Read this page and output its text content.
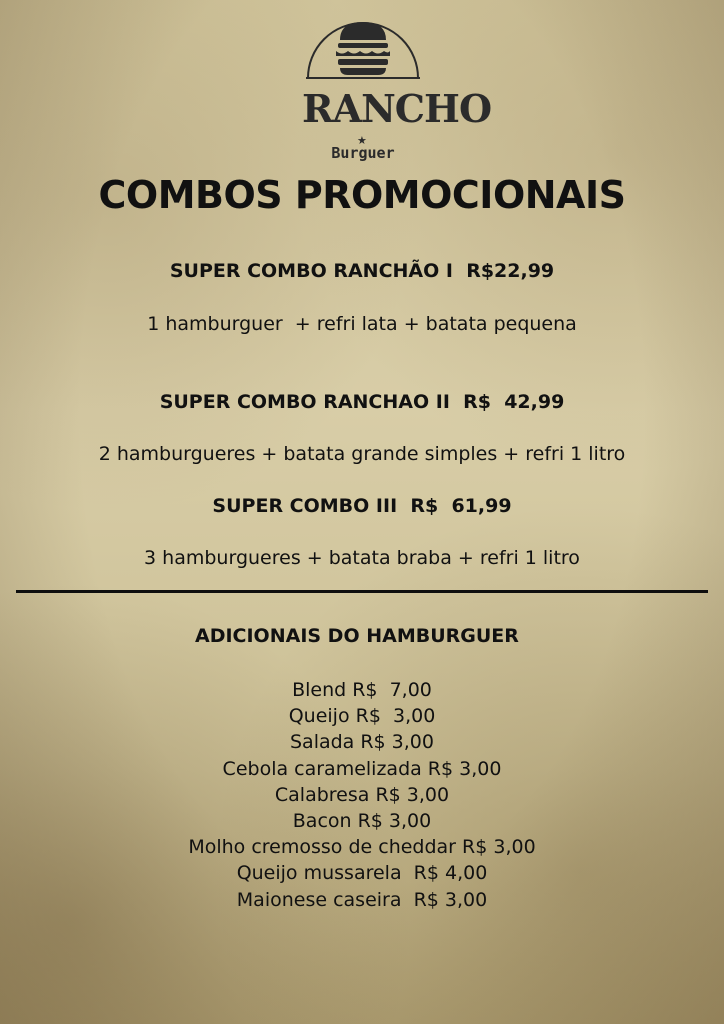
RANCHO
★
Burguer
COMBOS PROMOCIONAIS
SUPER COMBO RANCHÃO I  R$22,99
1 hamburguer  + refri lata + batata pequena
SUPER COMBO RANCHAO II  R$  42,99
2 hamburgueres + batata grande simples + refri 1 litro
SUPER COMBO III  R$  61,99
3 hamburgueres + batata braba + refri 1 litro
ADICIONAIS DO HAMBURGUER
Blend R$  7,00
Queijo R$  3,00
Salada R$ 3,00
Cebola caramelizada R$ 3,00
Calabresa R$ 3,00
Bacon R$ 3,00
Molho cremosso de cheddar R$ 3,00
Queijo mussarela  R$ 4,00
Maionese caseira  R$ 3,00
